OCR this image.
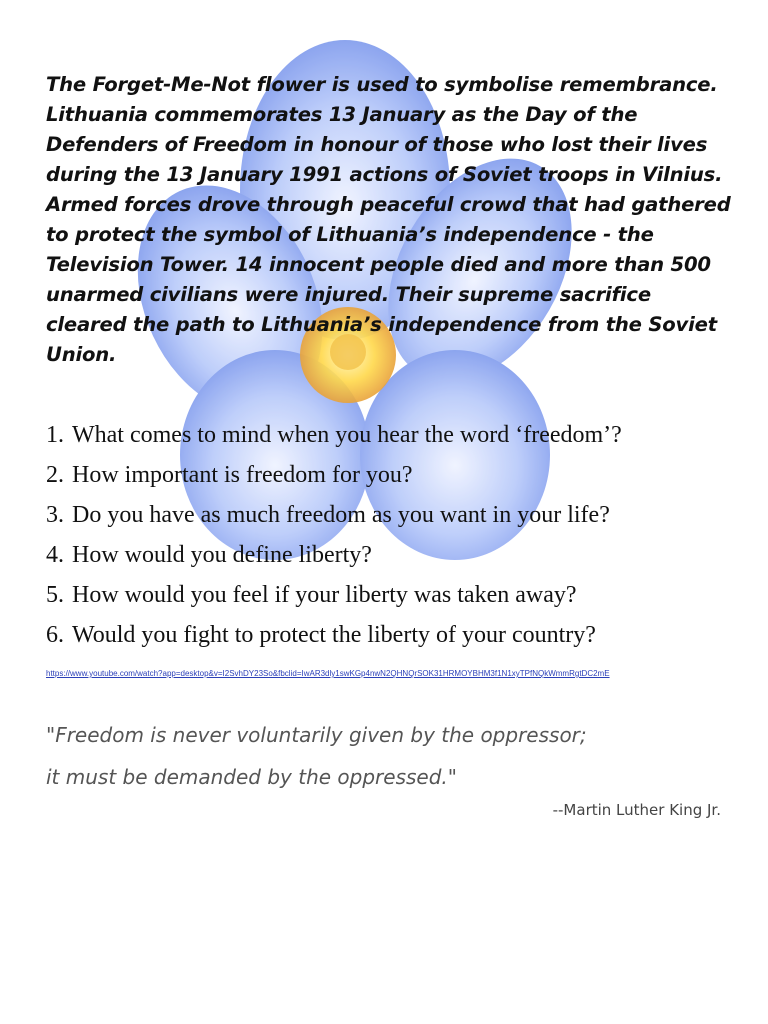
The Forget-Me-Not flower is used to symbolise remembrance. Lithuania commemorates 13 January as the Day of the Defenders of Freedom in honour of those who lost their lives during the 13 January 1991 actions of Soviet troops in Vilnius. Armed forces drove through peaceful crowd that had gathered to protect the symbol of Lithuania’s independence - the Television Tower. 14 innocent people died and more than 500 unarmed civilians were injured. Their supreme sacrifice cleared the path to Lithuania’s independence from the Soviet Union.

1. What comes to mind when you hear the word ‘freedom’?
2. How important is freedom for you?
3. Do you have as much freedom as you want in your life?
4. How would you define liberty?
5. How would you feel if your liberty was taken away?
6. Would you fight to protect the liberty of your country?
https://www.youtube.com/watch?app=desktop&v=I2SvhDY23So&fbclid=IwAR3dly1swKGp4nwN2QHNQrSOK31HRMOYBHM3f1N1xyTPfNQkWmmRgtDC2mE
"Freedom is never voluntarily given by the oppressor;
it must be demanded by the oppressed."
--Martin Luther King Jr.
